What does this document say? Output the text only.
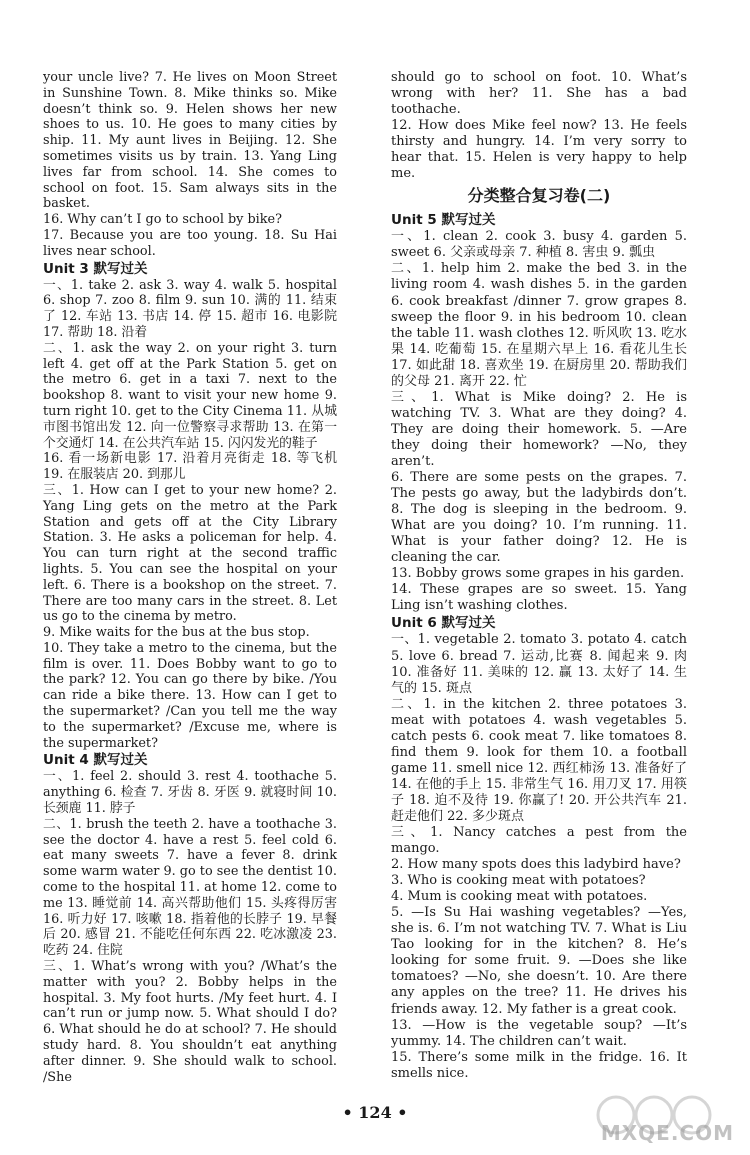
your uncle live? 7. He lives on Moon Street in Sunshine Town. 8. Mike thinks so. Mike doesn’t think so. 9. Helen shows her new shoes to us. 10. He goes to many cities by ship. 11. My aunt lives in Beijing. 12. She sometimes visits us by train. 13. Yang Ling lives far from school. 14. She comes to school on foot. 15. Sam always sits in the basket.

16. Why can’t I go to school by bike?

17. Because you are too young. 18. Su Hai lives near school.

Unit 3 默写过关

一、1. take 2. ask 3. way 4. walk 5. hospital 6. shop 7. zoo 8. film 9. sun 10. 满的 11. 结束了 12. 车站 13. 书店 14. 停 15. 超市 16. 电影院 17. 帮助 18. 沿着

二、1. ask the way 2. on your right 3. turn left 4. get off at the Park Station 5. get on the metro 6. get in a taxi 7. next to the bookshop 8. want to visit your new home 9. turn right 10. get to the City Cinema 11. 从城市图书馆出发 12. 向一位警察寻求帮助 13. 在第一个交通灯 14. 在公共汽车站 15. 闪闪发光的鞋子

16. 看一场新电影 17. 沿着月亮街走 18. 等飞机 19. 在服装店 20. 到那儿

三、1. How can I get to your new home? 2. Yang Ling gets on the metro at the Park Station and gets off at the City Library Station. 3. He asks a policeman for help. 4. You can turn right at the second traffic lights. 5. You can see the hospital on your left. 6. There is a bookshop on the street. 7. There are too many cars in the street. 8. Let us go to the cinema by metro.

9. Mike waits for the bus at the bus stop.

10. They take a metro to the cinema, but the film is over. 11. Does Bobby want to go to the park? 12. You can go there by bike. /You can ride a bike there. 13. How can I get to the supermarket? /Can you tell me the way to the supermarket? /Excuse me, where is the supermarket?

Unit 4 默写过关

一、1. feel 2. should 3. rest 4. toothache 5. anything 6. 检查 7. 牙齿 8. 牙医 9. 就寝时间 10. 长颈鹿 11. 脖子

二、1. brush the teeth 2. have a toothache 3. see the doctor 4. have a rest 5. feel cold 6. eat many sweets 7. have a fever 8. drink some warm water 9. go to see the dentist 10. come to the hospital 11. at home 12. come to me 13. 睡觉前 14. 高兴帮助他们 15. 头疼得厉害 16. 听力好 17. 咳嗽 18. 指着他的长脖子 19. 早餐后 20. 感冒 21. 不能吃任何东西 22. 吃冰激凌 23. 吃药 24. 住院

三、1. What’s wrong with you? /What’s the matter with you? 2. Bobby helps in the hospital. 3. My foot hurts. /My feet hurt. 4. I can’t run or jump now. 5. What should I do? 6. What should he do at school? 7. He should study hard. 8. You shouldn’t eat anything after dinner. 9. She should walk to school. /She

should go to school on foot. 10. What’s wrong with her? 11. She has a bad toothache.

12. How does Mike feel now? 13. He feels thirsty and hungry. 14. I’m very sorry to hear that. 15. Helen is very happy to help me.

分类整合复习卷(二)
Unit 5 默写过关

一、1. clean 2. cook 3. busy 4. garden 5. sweet 6. 父亲或母亲 7. 种植 8. 害虫 9. 瓢虫

二、1. help him 2. make the bed 3. in the living room 4. wash dishes 5. in the garden 6. cook breakfast /dinner 7. grow grapes 8. sweep the floor 9. in his bedroom 10. clean the table 11. wash clothes 12. 听风吹 13. 吃水果 14. 吃葡萄 15. 在星期六早上 16. 看花儿生长 17. 如此甜 18. 喜欢坐 19. 在厨房里 20. 帮助我们的父母 21. 离开 22. 忙

三、1. What is Mike doing? 2. He is watching TV. 3. What are they doing? 4. They are doing their homework. 5. —Are they doing their homework? —No, they aren’t.

6. There are some pests on the grapes. 7. The pests go away, but the ladybirds don’t. 8. The dog is sleeping in the bedroom. 9. What are you doing? 10. I’m running. 11. What is your father doing? 12. He is cleaning the car.

13. Bobby grows some grapes in his garden.

14. These grapes are so sweet. 15. Yang Ling isn’t washing clothes.

Unit 6 默写过关

一、1. vegetable 2. tomato 3. potato 4. catch 5. love 6. bread 7. 运动,比赛 8. 闻起来 9. 肉 10. 准备好 11. 美味的 12. 赢 13. 太好了 14. 生气的 15. 斑点

二、1. in the kitchen 2. three potatoes 3. meat with potatoes 4. wash vegetables 5. catch pests 6. cook meat 7. like tomatoes 8. find them 9. look for them 10. a football game 11. smell nice 12. 西红柿汤 13. 准备好了 14. 在他的手上 15. 非常生气 16. 用刀叉 17. 用筷子 18. 迫不及待 19. 你赢了! 20. 开公共汽车 21. 赶走他们 22. 多少斑点

三、1. Nancy catches a pest from the mango.

2. How many spots does this ladybird have?

3. Who is cooking meat with potatoes?

4. Mum is cooking meat with potatoes.

5. —Is Su Hai washing vegetables? —Yes, she is. 6. I’m not watching TV. 7. What is Liu Tao looking for in the kitchen? 8. He’s looking for some fruit. 9. —Does she like tomatoes? —No, she doesn’t. 10. Are there any apples on the tree? 11. He drives his friends away. 12. My father is a great cook.

13. —How is the vegetable soup? —It’s yummy. 14. The children can’t wait.

15. There’s some milk in the fridge. 16. It smells nice.

• 124 •
MXQE.COM
